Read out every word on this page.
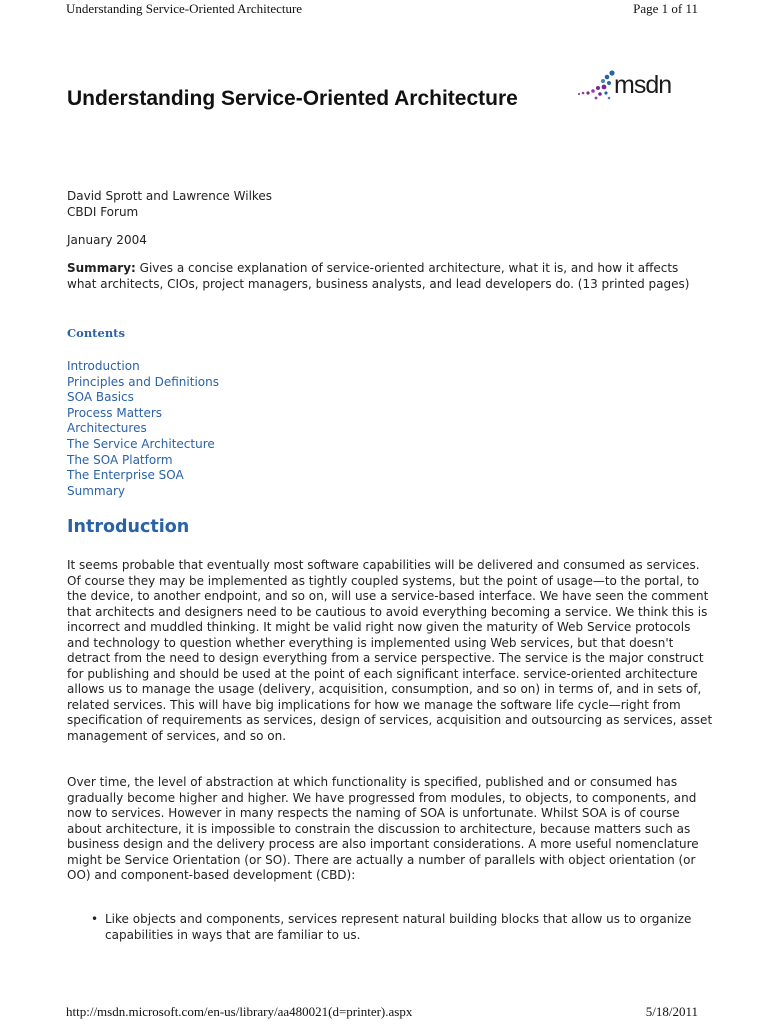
Understanding Service-Oriented Architecture	Page 1 of 11
Understanding Service-Oriented Architecture	msdn
David Sprott and Lawrence Wilkes
CBDI Forum
January 2004
Summary: Gives a concise explanation of service-oriented architecture, what it is, and how it affects what architects, CIOs, project managers, business analysts, and lead developers do. (13 printed pages)
Contents
Introduction
Principles and Definitions
SOA Basics
Process Matters
Architectures
The Service Architecture
The SOA Platform
The Enterprise SOA
Summary
Introduction
It seems probable that eventually most software capabilities will be delivered and consumed as services. Of course they may be implemented as tightly coupled systems, but the point of usage—to the portal, to the device, to another endpoint, and so on, will use a service-based interface. We have seen the comment that architects and designers need to be cautious to avoid everything becoming a service. We think this is incorrect and muddled thinking. It might be valid right now given the maturity of Web Service protocols and technology to question whether everything is implemented using Web services, but that doesn't detract from the need to design everything from a service perspective. The service is the major construct for publishing and should be used at the point of each significant interface. service-oriented architecture allows us to manage the usage (delivery, acquisition, consumption, and so on) in terms of, and in sets of, related services. This will have big implications for how we manage the software life cycle—right from specification of requirements as services, design of services, acquisition and outsourcing as services, asset management of services, and so on.
Over time, the level of abstraction at which functionality is specified, published and or consumed has gradually become higher and higher. We have progressed from modules, to objects, to components, and now to services. However in many respects the naming of SOA is unfortunate. Whilst SOA is of course about architecture, it is impossible to constrain the discussion to architecture, because matters such as business design and the delivery process are also important considerations. A more useful nomenclature might be Service Orientation (or SO). There are actually a number of parallels with object orientation (or OO) and component-based development (CBD):
• Like objects and components, services represent natural building blocks that allow us to organize capabilities in ways that are familiar to us.
http://msdn.microsoft.com/en-us/library/aa480021(d=printer).aspx	5/18/2011
